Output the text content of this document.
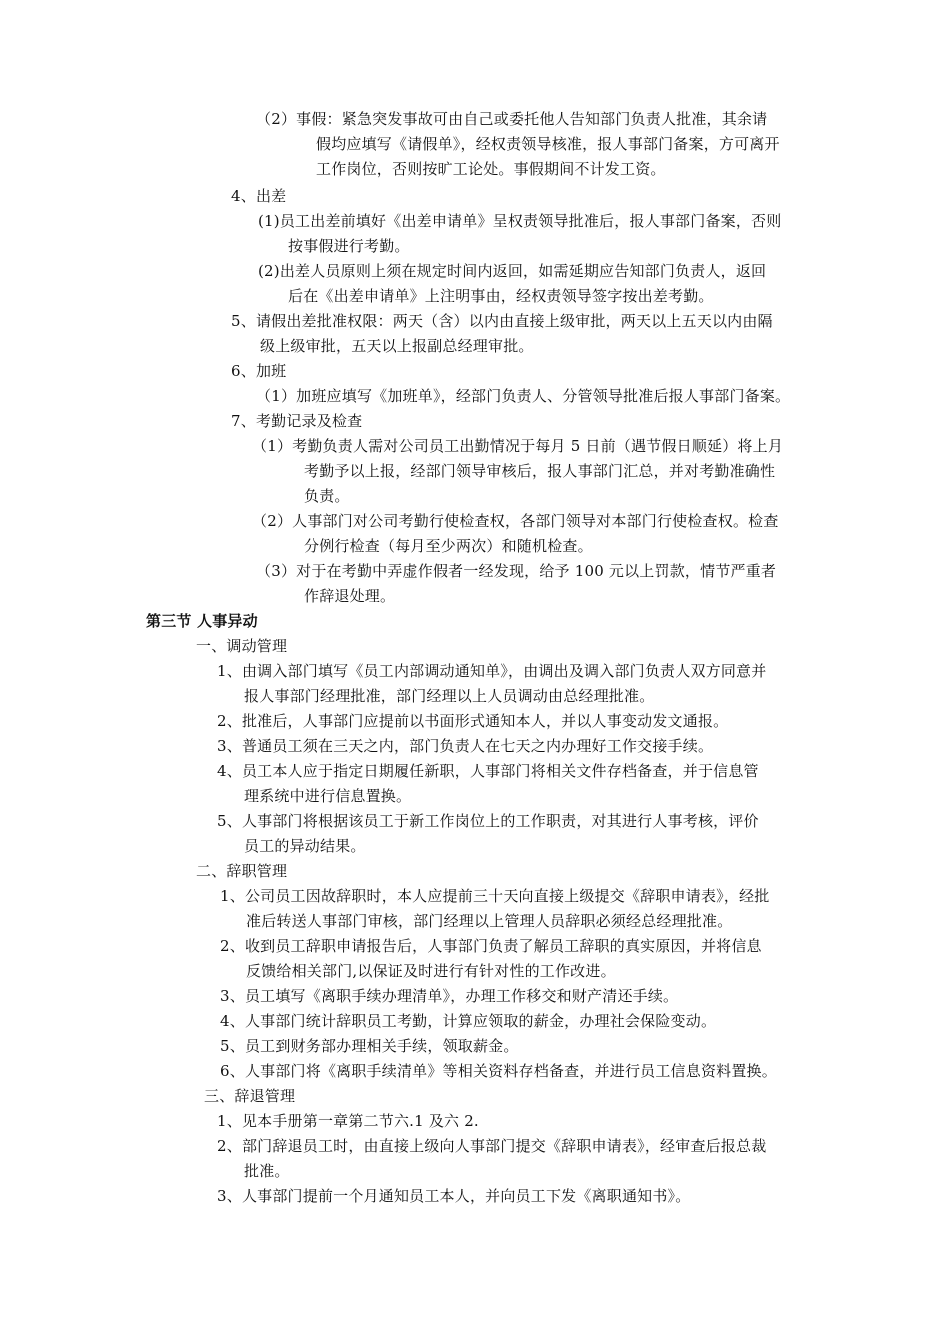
（2）事假：紧急突发事故可由自己或委托他人告知部门负责人批准，其余请
假均应填写《请假单》，经权责领导核准，报人事部门备案，方可离开
工作岗位，否则按旷工论处。事假期间不计发工资。
4、出差
(1)员工出差前填好《出差申请单》呈权责领导批准后，报人事部门备案，否则
按事假进行考勤。
(2)出差人员原则上须在规定时间内返回，如需延期应告知部门负责人，返回
后在《出差申请单》上注明事由，经权责领导签字按出差考勤。
5、请假出差批准权限：两天（含）以内由直接上级审批，两天以上五天以内由隔
级上级审批，五天以上报副总经理审批。
6、加班
（1）加班应填写《加班单》，经部门负责人、分管领导批准后报人事部门备案。
7、考勤记录及检查
（1）考勤负责人需对公司员工出勤情况于每月 5 日前（遇节假日顺延）将上月
考勤予以上报，经部门领导审核后，报人事部门汇总，并对考勤准确性
负责。
（2）人事部门对公司考勤行使检查权，各部门领导对本部门行使检查权。检查
分例行检查（每月至少两次）和随机检查。
（3）对于在考勤中弄虚作假者一经发现，给予 100 元以上罚款，情节严重者
作辞退处理。
第三节 人事异动
一、调动管理
1、由调入部门填写《员工内部调动通知单》，由调出及调入部门负责人双方同意并
报人事部门经理批准，部门经理以上人员调动由总经理批准。
2、批准后，人事部门应提前以书面形式通知本人，并以人事变动发文通报。
3、普通员工须在三天之内，部门负责人在七天之内办理好工作交接手续。
4、员工本人应于指定日期履任新职，人事部门将相关文件存档备查，并于信息管
理系统中进行信息置换。
5、人事部门将根据该员工于新工作岗位上的工作职责，对其进行人事考核，评价
员工的异动结果。
二、辞职管理
1、公司员工因故辞职时，本人应提前三十天向直接上级提交《辞职申请表》，经批
准后转送人事部门审核，部门经理以上管理人员辞职必须经总经理批准。
2、收到员工辞职申请报告后，人事部门负责了解员工辞职的真实原因，并将信息
反馈给相关部门,以保证及时进行有针对性的工作改进。
3、员工填写《离职手续办理清单》，办理工作移交和财产清还手续。
4、人事部门统计辞职员工考勤，计算应领取的薪金，办理社会保险变动。
5、员工到财务部办理相关手续，领取薪金。
6、人事部门将《离职手续清单》等相关资料存档备查，并进行员工信息资料置换。
三、辞退管理
1、见本手册第一章第二节六.1 及六 2.
2、部门辞退员工时，由直接上级向人事部门提交《辞职申请表》，经审查后报总裁
批准。
3、人事部门提前一个月通知员工本人，并向员工下发《离职通知书》。
